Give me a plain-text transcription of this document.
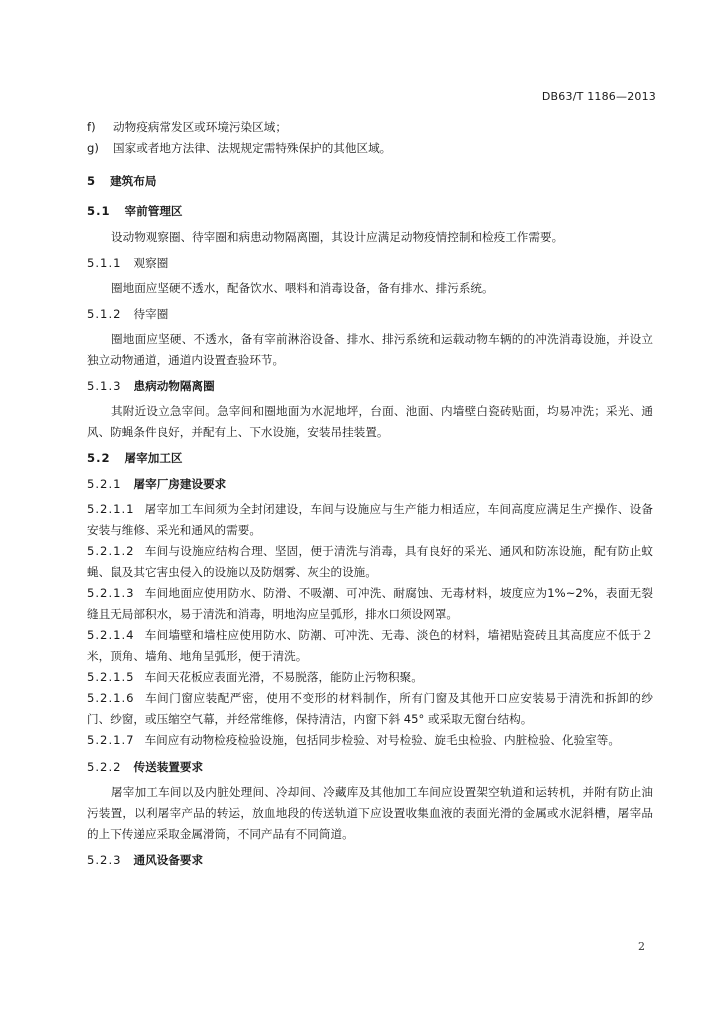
DB63/T 1186—2013
f) 动物疫病常发区或环境污染区域；
g) 国家或者地方法律、法规规定需特殊保护的其他区域。
5 建筑布局
5.1 宰前管理区
设动物观察圈、待宰圈和病患动物隔离圈，其设计应满足动物疫情控制和检疫工作需要。
5.1.1 观察圈
圈地面应坚硬不透水，配备饮水、喂料和消毒设备，备有排水、排污系统。
5.1.2 待宰圈
圈地面应坚硬、不透水，备有宰前淋浴设备、排水、排污系统和运载动物车辆的的冲洗消毒设施，并设立独立动物通道，通道内设置查验环节。
5.1.3 患病动物隔离圈
其附近设立急宰间。急宰间和圈地面为水泥地坪，台面、池面、内墙壁白瓷砖贴面，均易冲洗；采光、通风、防蝇条件良好，并配有上、下水设施，安装吊挂装置。
5.2 屠宰加工区
5.2.1 屠宰厂房建设要求
5.2.1.1 屠宰加工车间须为全封闭建设，车间与设施应与生产能力相适应，车间高度应满足生产操作、设备安装与维修、采光和通风的需要。
5.2.1.2 车间与设施应结构合理、坚固，便于清洗与消毒，具有良好的采光、通风和防冻设施，配有防止蚊蝇、鼠及其它害虫侵入的设施以及防烟雾、灰尘的设施。
5.2.1.3 车间地面应使用防水、防滑、不吸潮、可冲洗、耐腐蚀、无毒材料，坡度应为1%~2%，表面无裂缝且无局部积水，易于清洗和消毒，明地沟应呈弧形，排水口须设网罩。
5.2.1.4 车间墙壁和墙柱应使用防水、防潮、可冲洗、无毒、淡色的材料，墙裙贴瓷砖且其高度应不低于２米，顶角、墙角、地角呈弧形，便于清洗。
5.2.1.5 车间天花板应表面光滑，不易脱落，能防止污物积聚。
5.2.1.6 车间门窗应装配严密，使用不变形的材料制作，所有门窗及其他开口应安装易于清洗和拆卸的纱门、纱窗，或压缩空气幕，并经常维修，保持清洁，内窗下斜 45° 或采取无窗台结构。
5.2.1.7 车间应有动物检疫检验设施，包括同步检验、对号检验、旋毛虫检验、内脏检验、化验室等。
5.2.2 传送装置要求
屠宰加工车间以及内脏处理间、冷却间、冷藏库及其他加工车间应设置架空轨道和运转机，并附有防止油污装置，以利屠宰产品的转运，放血地段的传送轨道下应设置收集血液的表面光滑的金属或水泥斜槽，屠宰品的上下传递应采取金属滑筒，不同产品有不同筒道。
5.2.3 通风设备要求
2
